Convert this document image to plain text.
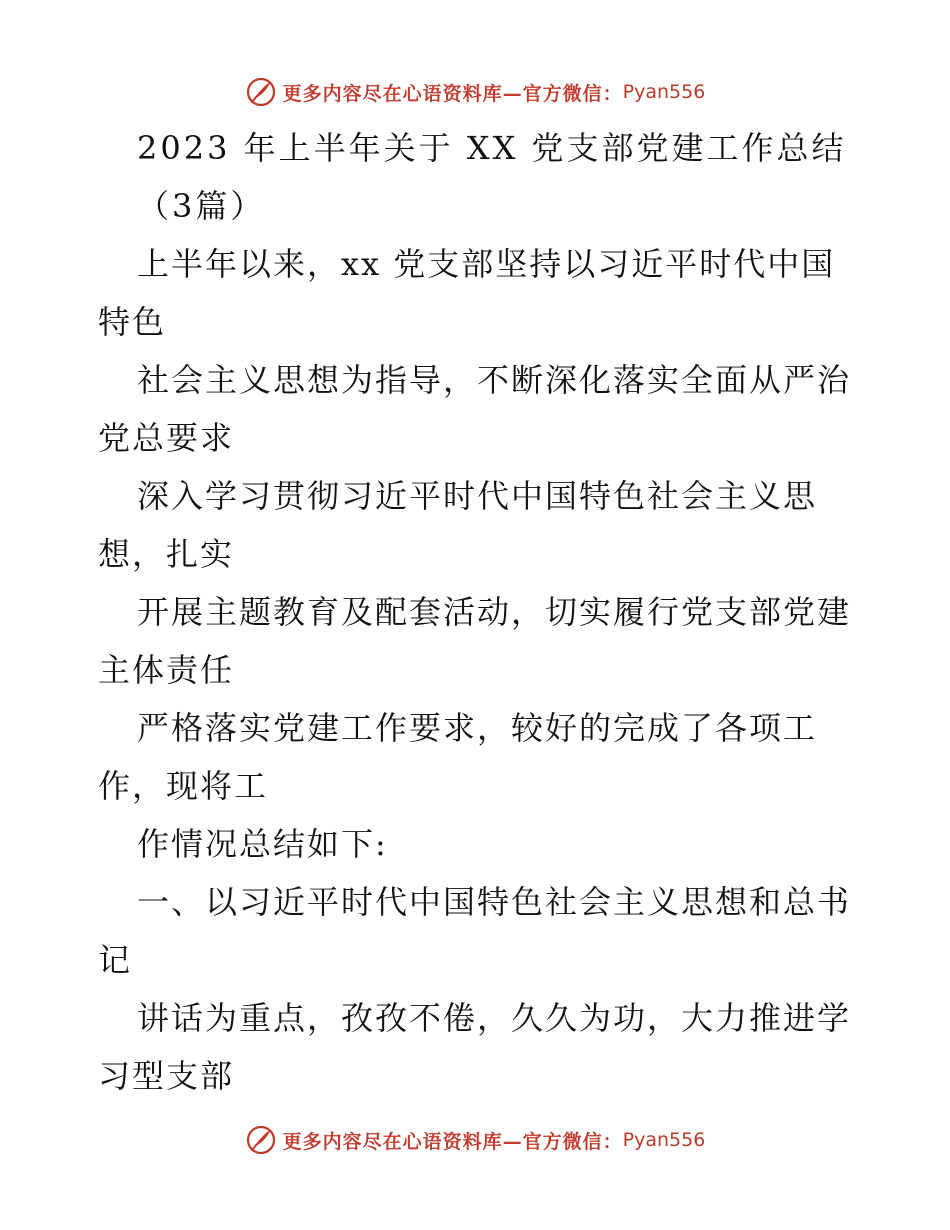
更多内容尽在心语资料库—官方微信： Pyan556
2023 年上半年关于 XX 党支部党建工作总结
（3篇）
上半年以来，xx 党支部坚持以习近平时代中国
特色
社会主义思想为指导，不断深化落实全面从严治
党总要求
深入学习贯彻习近平时代中国特色社会主义思
想，扎实
开展主题教育及配套活动，切实履行党支部党建
主体责任
严格落实党建工作要求，较好的完成了各项工
作，现将工
作情况总结如下:
一、以习近平时代中国特色社会主义思想和总书
记
讲话为重点，孜孜不倦，久久为功，大力推进学
习型支部
更多内容尽在心语资料库—官方微信： Pyan556
